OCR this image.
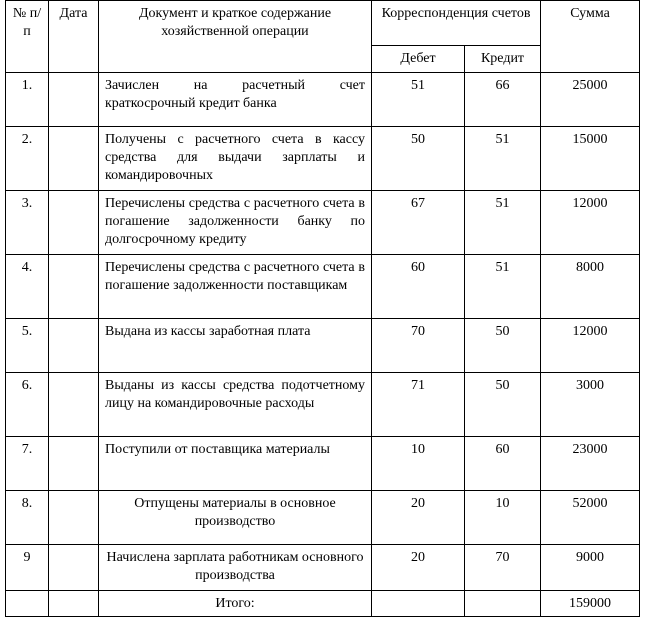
№ п/п	Дата	Документ и краткое содержание хозяйственной операции	Корреспонденция счетов		Сумма
			Дебет	Кредит	
1.		Зачислен на расчетный счет краткосрочный кредит банка	51	66	25000
2.		Получены с расчетного счета в кассу средства для выдачи зарплаты и командировочных	50	51	15000
3.		Перечислены средства с расчетного счета в погашение задолженности банку по долгосрочному кредиту	67	51	12000
4.		Перечислены средства с расчетного счета в погашение задолженности поставщикам	60	51	8000
5.		Выдана из кассы заработная плата	70	50	12000
6.		Выданы из кассы средства подотчетному лицу на командировочные расходы	71	50	3000
7.		Поступили от поставщика материалы	10	60	23000
8.		Отпущены материалы в основное производство	20	10	52000
9		Начислена зарплата работникам основного производства	20	70	9000
		Итого:			159000
